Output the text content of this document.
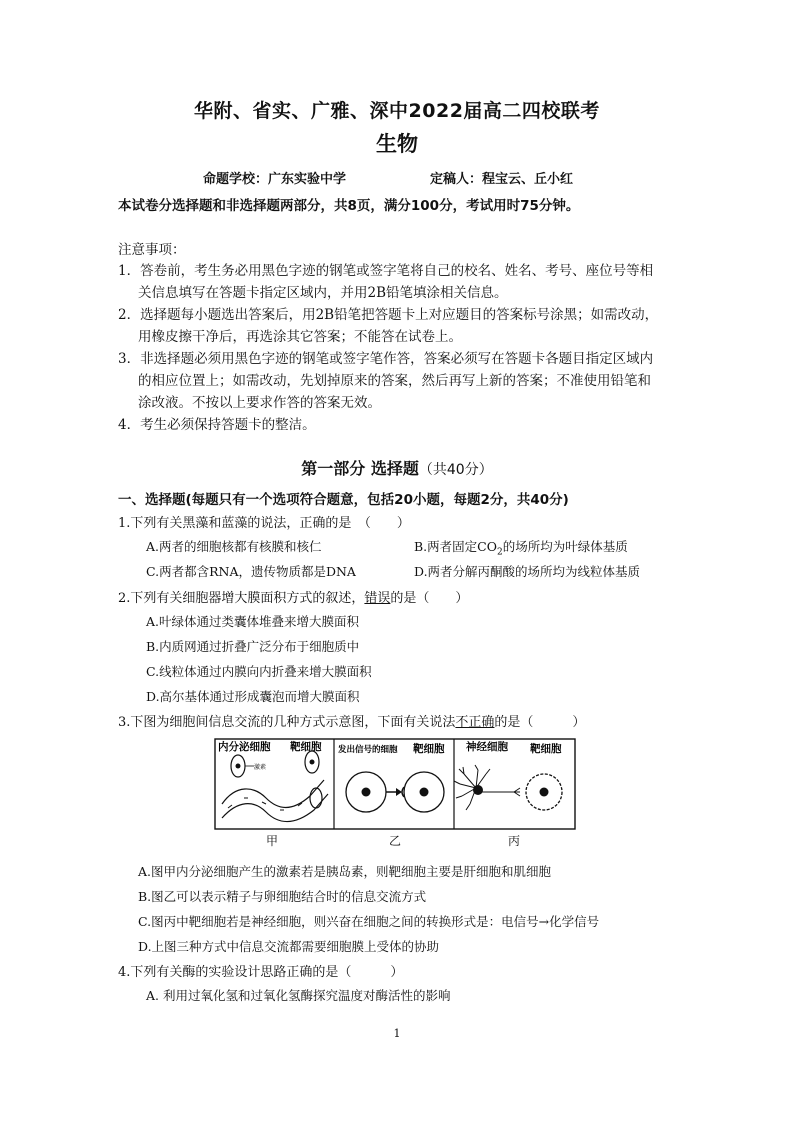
华附、省实、广雅、深中2022届高二四校联考
生物
命题学校：广东实验中学	定稿人：程宝云、丘小红
本试卷分选择题和非选择题两部分，共8页，满分100分，考试用时75分钟。
注意事项：
1．答卷前，考生务必用黑色字迹的钢笔或签字笔将自己的校名、姓名、考号、座位号等相
关信息填写在答题卡指定区域内，并用2B铅笔填涂相关信息。
2．选择题每小题选出答案后，用2B铅笔把答题卡上对应题目的答案标号涂黑；如需改动，
用橡皮擦干净后，再选涂其它答案；不能答在试卷上。
3．非选择题必须用黑色字迹的钢笔或签字笔作答，答案必须写在答题卡各题目指定区域内
的相应位置上；如需改动，先划掉原来的答案，然后再写上新的答案；不准使用铅笔和
涂改液。不按以上要求作答的答案无效。
4．考生必须保持答题卡的整洁。
第一部分 选择题（共40分）
一、选择题(每题只有一个选项符合题意，包括20小题，每题2分，共40分)
1.下列有关黑藻和蓝藻的说法，正确的是　（　　）
A.两者的细胞核都有核膜和核仁	B.两者固定$CO_2$的场所均为叶绿体基质
C.两者都含RNA，遗传物质都是DNA	D.两者分解丙酮酸的场所均为线粒体基质
2.下列有关细胞器增大膜面积方式的叙述，错误的是（　　）
A.叶绿体通过类囊体堆叠来增大膜面积
B.内质网通过折叠广泛分布于细胞质中
C.线粒体通过内膜向内折叠来增大膜面积
D.高尔基体通过形成囊泡而增大膜面积
3.下图为细胞间信息交流的几种方式示意图，下面有关说法不正确的是（　　　）
内分泌细胞 靶细胞
激素
发出信号的细胞 靶细胞 神经细胞 靶细胞
甲	乙	丙
A.图甲内分泌细胞产生的激素若是胰岛素，则靶细胞主要是肝细胞和肌细胞
B.图乙可以表示精子与卵细胞结合时的信息交流方式
C.图丙中靶细胞若是神经细胞，则兴奋在细胞之间的转换形式是：电信号→化学信号
D.上图三种方式中信息交流都需要细胞膜上受体的协助
4.下列有关酶的实验设计思路正确的是（　　　）
A. 利用过氧化氢和过氧化氢酶探究温度对酶活性的影响
1
